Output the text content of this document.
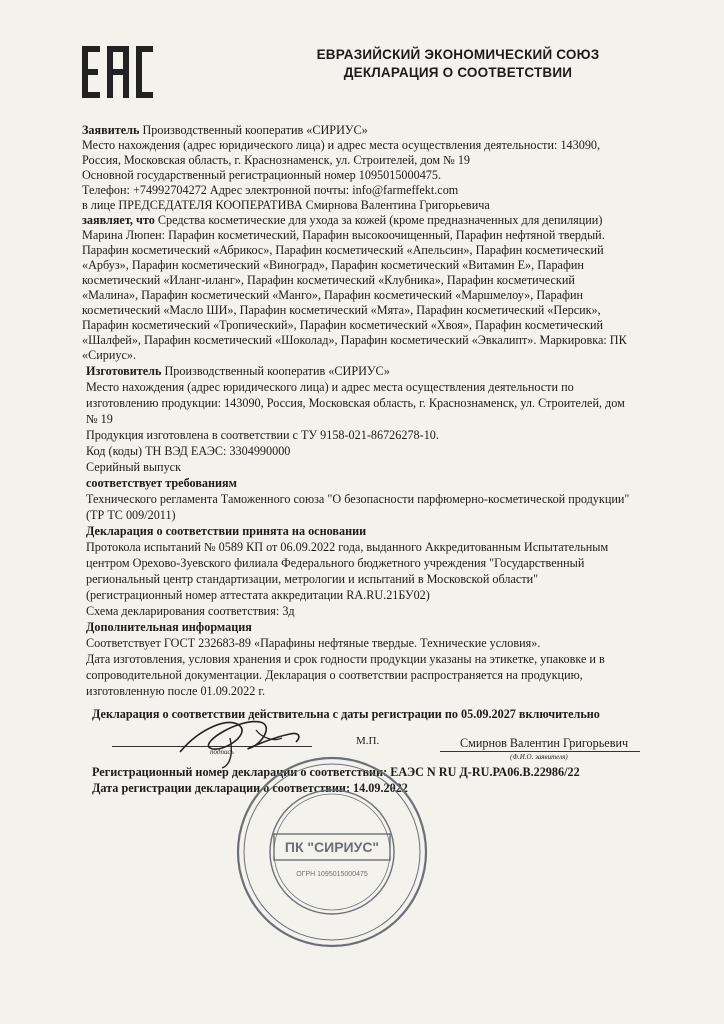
ЕВРАЗИЙСКИЙ ЭКОНОМИЧЕСКИЙ СОЮЗ
ДЕКЛАРАЦИЯ О СООТВЕТСТВИИ
Заявитель Производственный кооператив «СИРИУС»
Место нахождения (адрес юридического лица) и адрес места осуществления деятельности: 143090,
Россия, Московская область, г. Краснознаменск, ул. Строителей, дом № 19
Основной государственный регистрационный номер 1095015000475.
Телефон: +74992704272 Адрес электронной почты: info@farmeffekt.com
в лице ПРЕДСЕДАТЕЛЯ КООПЕРАТИВА Смирнова Валентина Григорьевича
заявляет, что Средства косметические для ухода за кожей (кроме предназначенных для депиляции)
Марина Люпен: Парафин косметический, Парафин высокоочищенный, Парафин нефтяной твердый.
Парафин косметический «Абрикос», Парафин косметический «Апельсин», Парафин косметический
«Арбуз», Парафин косметический «Виноград», Парафин косметический «Витамин Е», Парафин
косметический «Иланг-иланг», Парафин косметический «Клубника», Парафин косметический
«Малина», Парафин косметический «Манго», Парафин косметический «Маршмелоу», Парафин
косметический «Масло ШИ», Парафин косметический «Мята», Парафин косметический «Персик»,
Парафин косметический «Тропический», Парафин косметический «Хвоя», Парафин косметический
«Шалфей», Парафин косметический «Шоколад», Парафин косметический «Эвкалипт». Маркировка: ПК
«Сириус».
Изготовитель Производственный кооператив «СИРИУС»
Место нахождения (адрес юридического лица) и адрес места осуществления деятельности по
изготовлению продукции: 143090, Россия, Московская область, г. Краснознаменск, ул. Строителей, дом
№ 19
Продукция изготовлена в соответствии с ТУ 9158-021-86726278-10.
Код (коды) ТН ВЭД ЕАЭС: 3304990000
Серийный выпуск
соответствует требованиям
Технического регламента Таможенного союза "О безопасности парфюмерно-косметической продукции"
(ТР ТС 009/2011)
Декларация о соответствии принята на основании
Протокола испытаний № 0589 КП от 06.09.2022 года, выданного Аккредитованным Испытательным
центром Орехово-Зуевского филиала Федерального бюджетного учреждения "Государственный
региональный центр стандартизации, метрологии и испытаний в Московской области"
(регистрационный номер аттестата аккредитации RA.RU.21БУ02)
Схема декларирования соответствия: 3д
Дополнительная информация
Соответствует ГОСТ 232683-89 «Парафины нефтяные твердые. Технические условия».
Дата изготовления, условия хранения и срок годности продукции указаны на этикетке, упаковке и в
сопроводительной документации. Декларация о соответствии распространяется на продукцию,
изготовленную после 01.09.2022 г.
Декларация о соответствии действительна с даты регистрации по 05.09.2027 включительно
подпись
М.П.	Смирнов Валентин Григорьевич
(Ф.И.О. заявителя)
Регистрационный номер декларации о соответствии: ЕАЭС N RU Д-RU.РА06.В.22986/22
Дата регистрации декларации о соответствии: 14.09.2022
ПК "СИРИУС"
ОГРН 1095015000475
